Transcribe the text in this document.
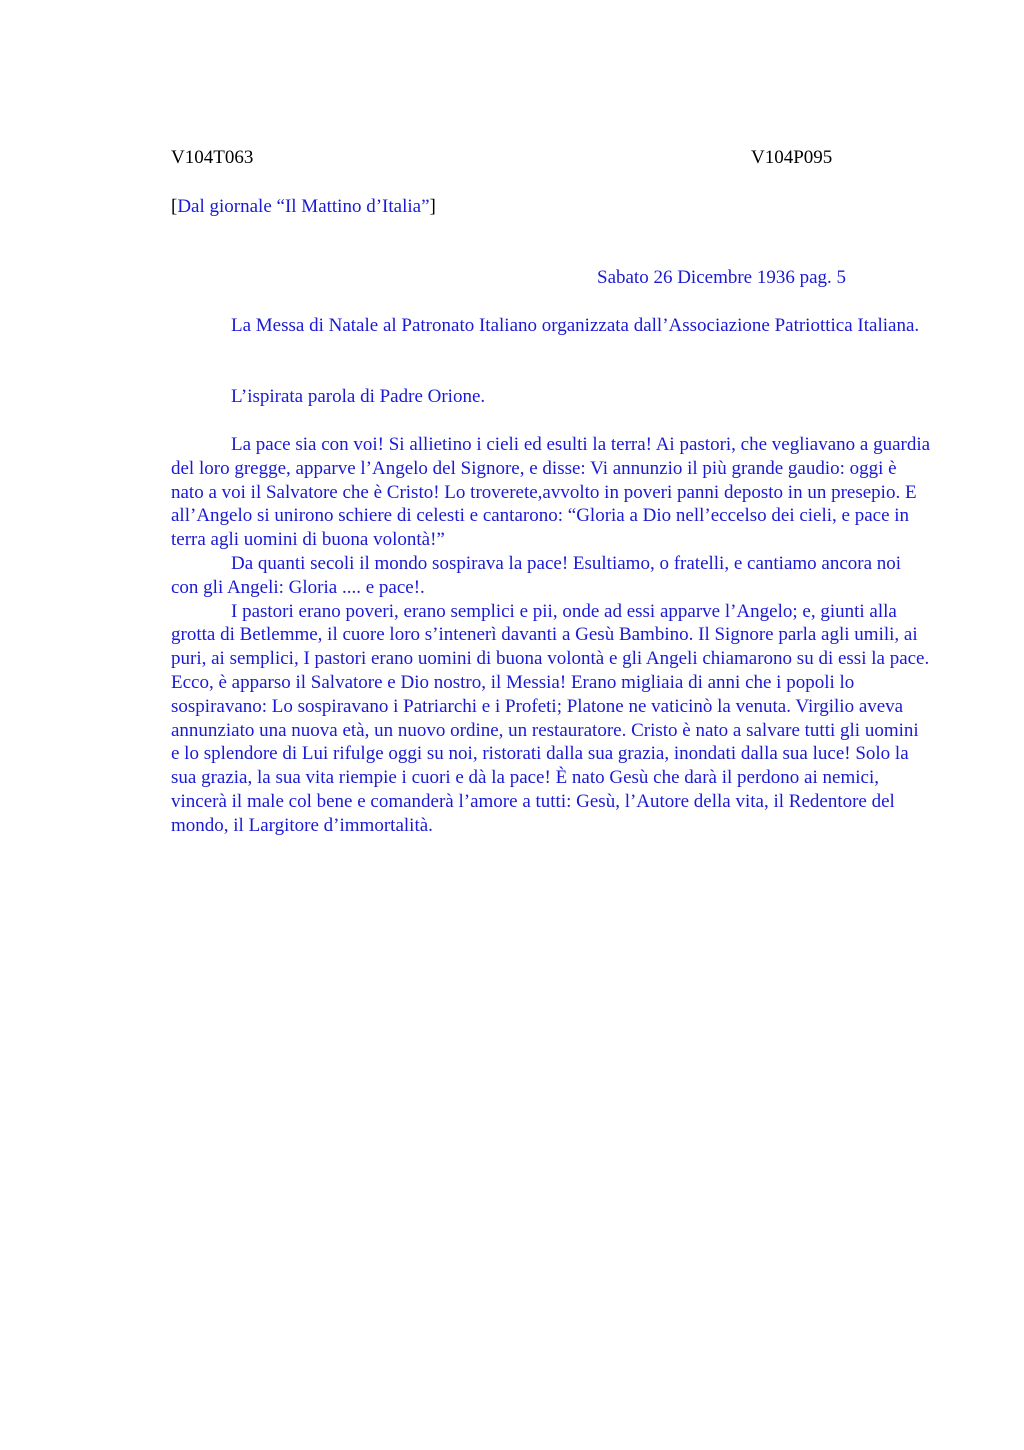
V104T063	V104P095
[Dal giornale “Il Mattino d’Italia”]
Sabato 26 Dicembre 1936 pag. 5

La Messa di Natale al Patronato Italiano organizzata dall’Associazione Patriottica Italiana.

L’ispirata parola di Padre Orione.

La pace sia con voi! Si allietino i cieli ed esulti la terra! Ai pastori, che vegliavano a guardia del loro gregge, apparve l’Angelo del Signore, e disse: Vi annunzio il più grande gaudio: oggi è nato a voi il Salvatore che è Cristo! Lo troverete,avvolto in poveri panni deposto in un presepio. E all’Angelo si unirono schiere di celesti e cantarono: “Gloria a Dio nell’eccelso dei cieli, e pace in terra agli uomini di buona volontà!”

Da quanti secoli il mondo sospirava la pace! Esultiamo, o fratelli, e cantiamo ancora noi con gli Angeli: Gloria .... e pace!.

I pastori erano poveri, erano semplici e pii, onde ad essi apparve l’Angelo; e, giunti alla grotta di Betlemme, il cuore loro s’intenerì davanti a Gesù Bambino. Il Signore parla agli umili, ai puri, ai semplici, I pastori erano uomini di buona volontà e gli Angeli chiamarono su di essi la pace. Ecco, è apparso il Salvatore e Dio nostro, il Messia! Erano migliaia di anni che i popoli lo sospiravano: Lo sospiravano i Patriarchi e i Profeti; Platone ne vaticinò la venuta. Virgilio aveva annunziato una nuova età, un nuovo ordine, un restauratore. Cristo è nato a salvare tutti gli uomini e lo splendore di Lui rifulge oggi su noi, ristorati dalla sua grazia, inondati dalla sua luce! Solo la sua grazia, la sua vita riempie i cuori e dà la pace! È nato Gesù che darà il perdono ai nemici, vincerà il male col bene e comanderà l’amore a tutti: Gesù, l’Autore della vita, il Redentore del mondo, il Largitore d’immortalità.
